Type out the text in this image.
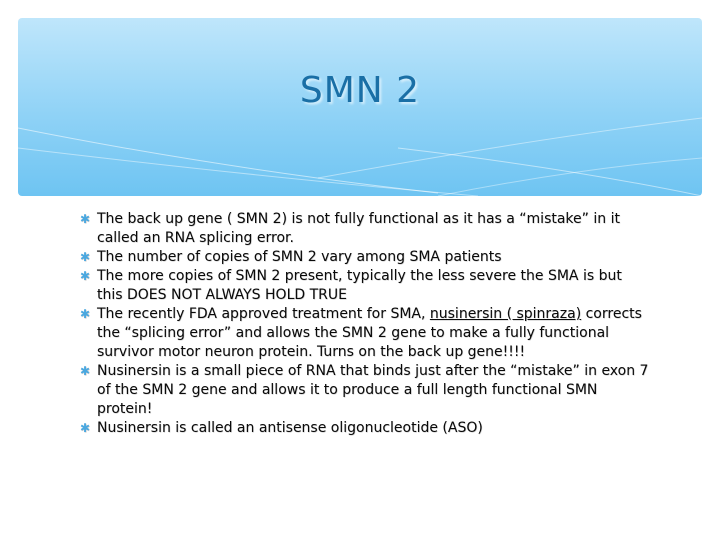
SMN 2
✱ The back up gene ( SMN 2) is not fully functional as it has a “mistake” in it called an RNA splicing error.
✱ The number of copies of SMN 2 vary among SMA patients
✱ The more copies of SMN 2 present, typically the less severe the SMA is but this DOES NOT ALWAYS HOLD TRUE
✱ The recently FDA approved treatment for SMA, nusinersin ( spinraza) corrects the “splicing error” and allows the SMN 2 gene to make a fully functional survivor motor neuron protein. Turns on the back up gene!!!!
✱ Nusinersin is a small piece of RNA that binds just after the “mistake” in exon 7 of the SMN 2 gene and allows it to produce a full length functional SMN protein!
✱ Nusinersin is called an antisense oligonucleotide (ASO)
